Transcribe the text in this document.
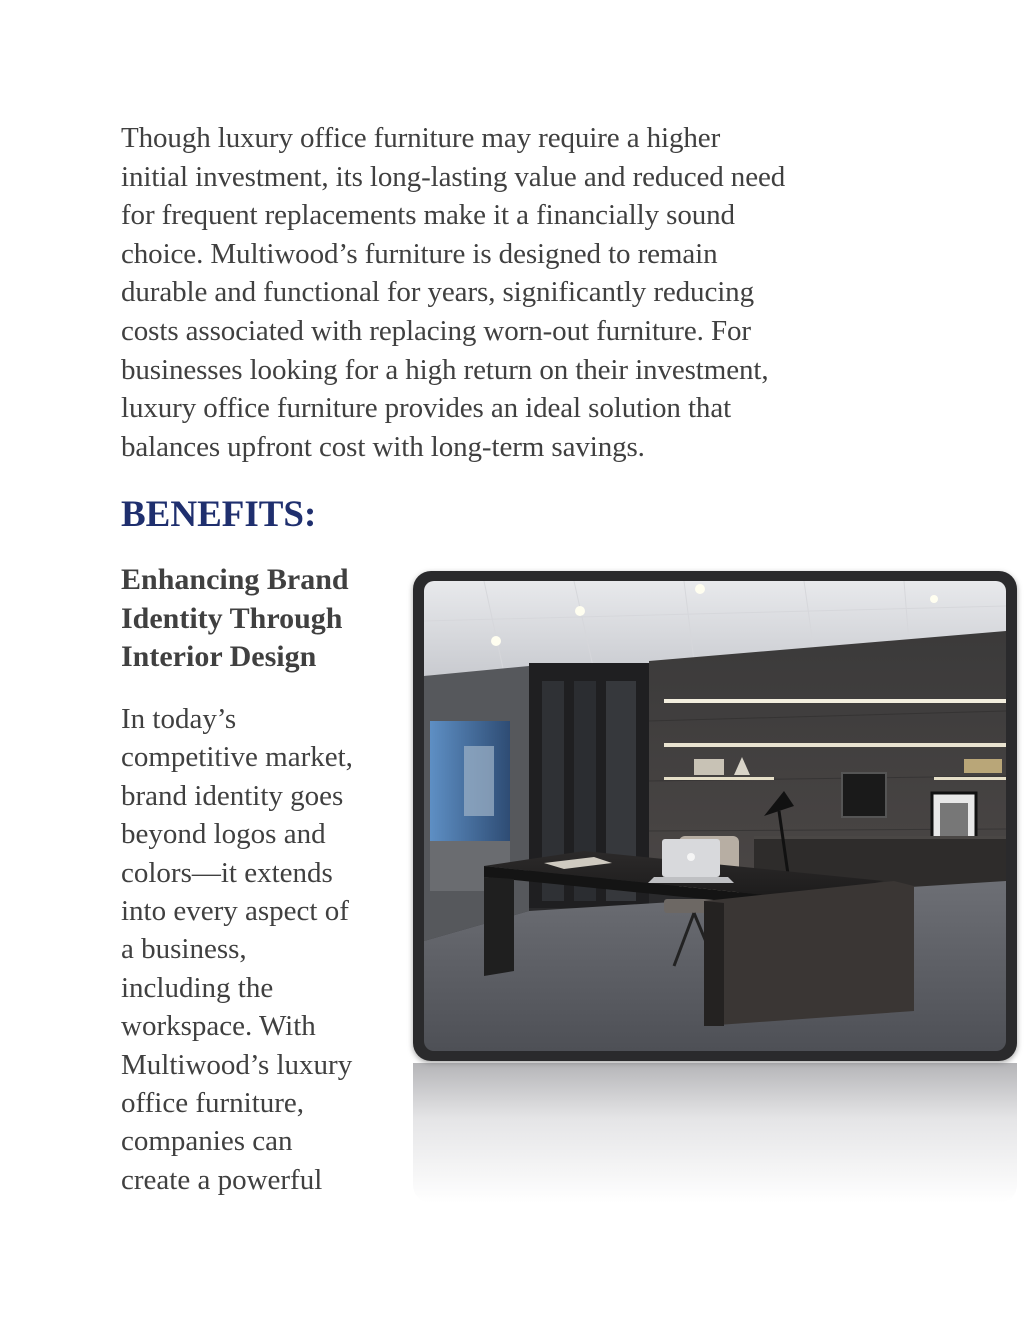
Though luxury office furniture may require a higher
initial investment, its long-lasting value and reduced need
for frequent replacements make it a financially sound
choice. Multiwood’s furniture is designed to remain
durable and functional for years, significantly reducing
costs associated with replacing worn-out furniture. For
businesses looking for a high return on their investment,
luxury office furniture provides an ideal solution that
balances upfront cost with long-term savings.

BENEFITS:
Enhancing Brand
Identity Through
Interior Design

In today’s
competitive market,
brand identity goes
beyond logos and
colors—it extends
into every aspect of
a business,
including the
workspace. With
Multiwood’s luxury
office furniture,
companies can
create a powerful
